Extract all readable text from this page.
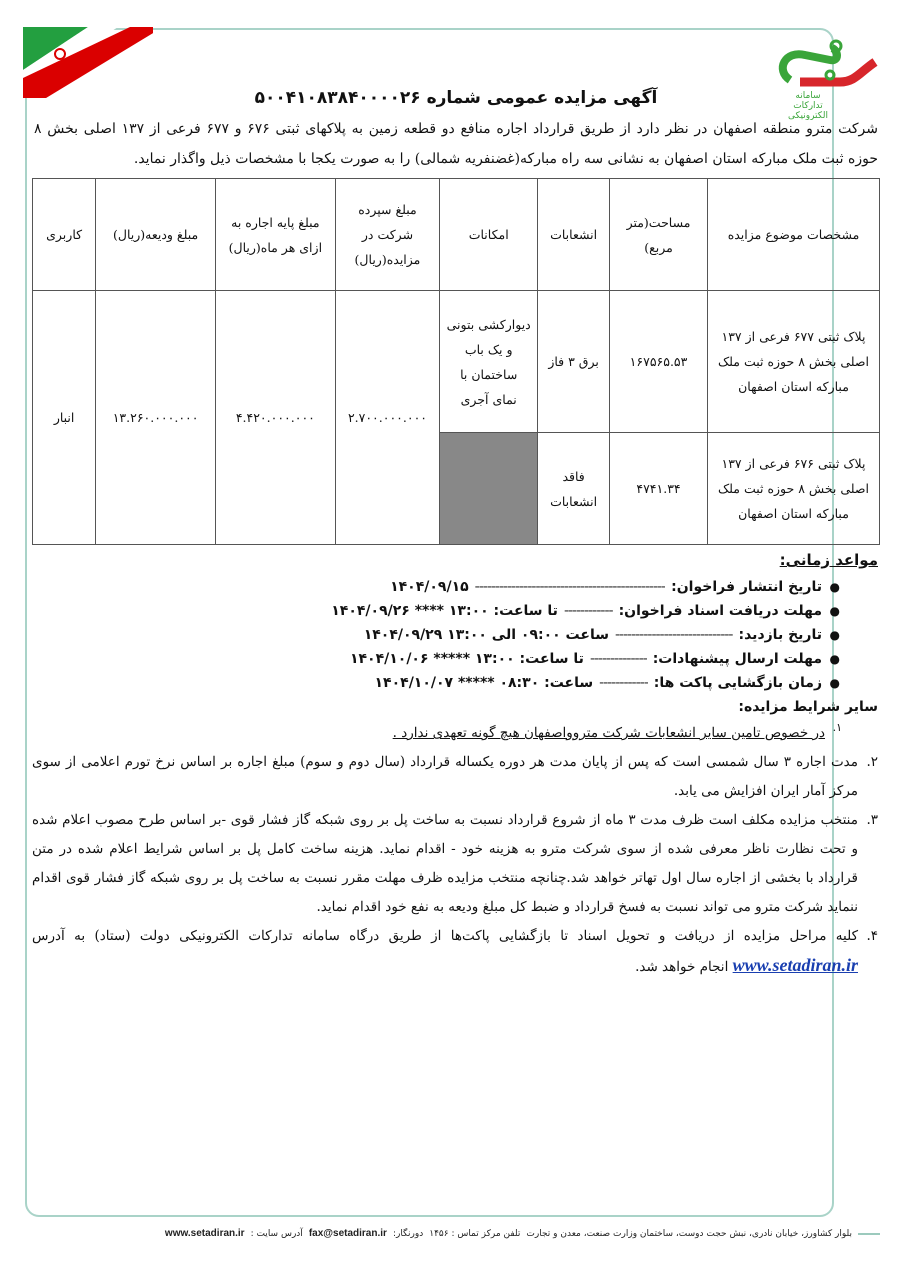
سامانه
تدارکات
الکترونیکی
آگهی مزایده عمومی شماره ۵۰۰۴۱۰۸۳۸۴۰۰۰۰۲۶

شرکت مترو منطقه اصفهان در نظر دارد از طریق قرارداد اجاره منافع دو قطعه زمین به پلاکهای ثبتی ۶۷۶ و ۶۷۷ فرعی از ۱۳۷ اصلی بخش ۸ حوزه ثبت ملک مبارکه استان اصفهان به نشانی سه راه مبارکه(غضنفریه شمالی) را به صورت یکجا با مشخصات ذیل واگذار نماید.

مشخصات موضوع مزایده	مساحت(متر مربع)	انشعابات	امکانات	مبلغ سپرده شرکت در مزایده(ریال)	مبلغ پایه اجاره به ازای هر ماه(ریال)	مبلغ ودیعه(ریال)	کاربری
پلاک ثبتی ۶۷۷ فرعی از ۱۳۷ اصلی بخش ۸ حوزه ثبت ملک مبارکه استان اصفهان	۱۶۷۵۶۵.۵۳	برق ۳ فاز	دیوارکشی بتونی و یک باب ساختمان با نمای آجری	۲.۷۰۰.۰۰۰.۰۰۰	۴.۴۲۰.۰۰۰.۰۰۰	۱۳.۲۶۰.۰۰۰.۰۰۰	انبار
پلاک ثبتی ۶۷۶ فرعی از ۱۳۷ اصلی بخش ۸ حوزه ثبت ملک مبارکه استان اصفهان	۴۷۴۱.۳۴	فاقد انشعابات					
مواعد زمانی:
●
تاریخ انتشار فراخوان:
-----------------------------------------------
۱۴۰۴/۰۹/۱۵
●
مهلت دریافت اسناد فراخوان:
------------
تا ساعت: ۱۳:۰۰ **** ۱۴۰۴/۰۹/۲۶
●
تاریخ بازدید:
-----------------------------
ساعت ۰۹:۰۰ الی ۱۳:۰۰ ۱۴۰۴/۰۹/۲۹
●
مهلت ارسال پیشنهادات:
--------------
تا ساعت: ۱۳:۰۰ ***** ۱۴۰۴/۱۰/۰۶
●
زمان بازگشایی پاکت ها:
------------
ساعت: ۰۸:۳۰ ***** ۱۴۰۴/۱۰/۰۷
سایر شرایط مزایده:
۱.
در خصوص تامین سایر انشعابات شرکت متروواصفهان هیچ گونه تعهدی ندارد .
۲.
مدت اجاره ۳ سال شمسی است که پس از پایان مدت هر دوره یکساله قرارداد (سال دوم و سوم) مبلغ اجاره بر اساس نرخ تورم اعلامی از سوی مرکز آمار ایران افزایش می یابد.
۳.
منتخب مزایده مکلف است ظرف مدت ۳ ماه از شروع قرارداد نسبت به ساخت پل بر روی شبکه گاز فشار قوی -بر اساس طرح مصوب اعلام شده و تحت نظارت ناظر معرفی شده از سوی شرکت مترو به هزینه خود - اقدام نماید. هزینه ساخت کامل پل بر اساس شرایط اعلام شده در متن قرارداد با بخشی از اجاره سال اول تهاتر خواهد شد.چنانچه منتخب مزایده ظرف مهلت مقرر نسبت به ساخت پل بر روی شبکه گاز فشار قوی اقدام ننماید شرکت مترو می تواند نسبت به فسخ قرارداد و ضبط کل مبلغ ودیعه به نفع خود اقدام نماید.
۴.
کلیه مراحل مزایده از دریافت و تحویل اسناد تا بازگشایی پاکت‌ها از طریق درگاه سامانه تدارکات الکترونیکی دولت (ستاد) به آدرس www.setadiran.ir انجام خواهد شد.
بلوار کشاورز، خیابان نادری، نبش حجت دوست، ساختمان وزارت صنعت، معدن و تجارت
تلفن مرکز تماس : ۱۴۵۶
دورنگار:
fax@setadiran.ir
آدرس سایت :
www.setadiran.ir
